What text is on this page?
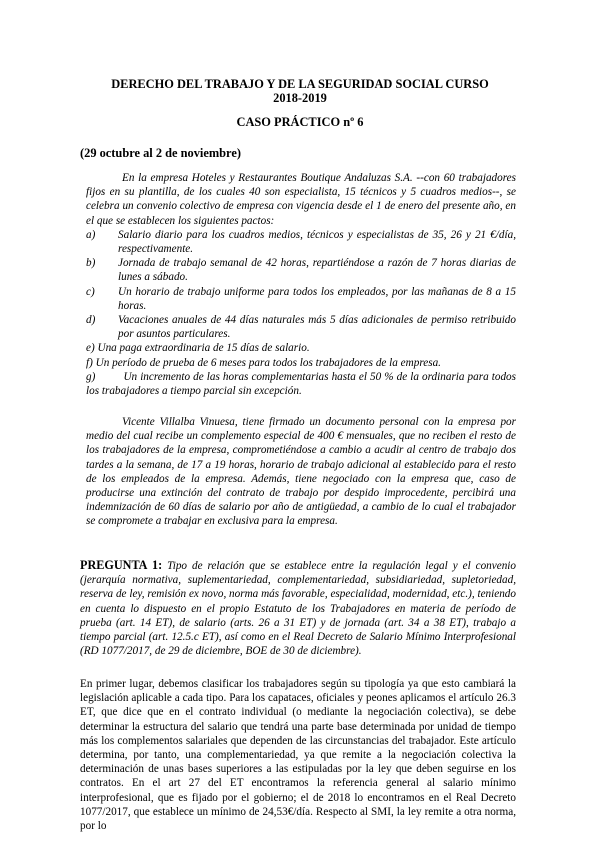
DERECHO DEL TRABAJO Y DE LA SEGURIDAD SOCIAL CURSO
2018-2019
CASO PRÁCTICO nº 6
(29 octubre al 2 de noviembre)
En la empresa Hoteles y Restaurantes Boutique Andaluzas S.A. --con 60 trabajadores fijos en su plantilla, de los cuales 40 son especialista, 15 técnicos y 5 cuadros medios--, se celebra un convenio colectivo de empresa con vigencia desde el 1 de enero del presente año, en el que se establecen los siguientes pactos:
a)	Salario diario para los cuadros medios, técnicos y especialistas de 35, 26 y 21 €/día, respectivamente.
b)	Jornada de trabajo semanal de 42 horas, repartiéndose a razón de 7 horas diarias de lunes a sábado.
c)	Un horario de trabajo uniforme para todos los empleados, por las mañanas de 8 a 15 horas.
d)	Vacaciones anuales de 44 días naturales más 5 días adicionales de permiso retribuido por asuntos particulares.
e) Una paga extraordinaria de 15 días de salario.
f) Un período de prueba de 6 meses para todos los trabajadores de la empresa.
g)	Un incremento de las horas complementarias hasta el 50 % de la ordinaria para todos los trabajadores a tiempo parcial sin excepción.
Vicente Villalba Vinuesa, tiene firmado un documento personal con la empresa por medio del cual recibe un complemento especial de 400 € mensuales, que no reciben el resto de los trabajadores de la empresa, comprometiéndose a cambio a acudir al centro de trabajo dos tardes a la semana, de 17 a 19 horas, horario de trabajo adicional al establecido para el resto de los empleados de la empresa. Además, tiene negociado con la empresa que, caso de producirse una extinción del contrato de trabajo por despido improcedente, percibirá una indemnización de 60 días de salario por año de antigüedad, a cambio de lo cual el trabajador se compromete a trabajar en exclusiva para la empresa.
PREGUNTA 1: Tipo de relación que se establece entre la regulación legal y el convenio (jerarquía normativa, suplementariedad, complementariedad, subsidiariedad, supletoriedad, reserva de ley, remisión ex novo, norma más favorable, especialidad, modernidad, etc.), teniendo en cuenta lo dispuesto en el propio Estatuto de los Trabajadores en materia de período de prueba (art. 14 ET), de salario (arts. 26 a 31 ET) y de jornada (art. 34 a 38 ET), trabajo a tiempo parcial (art. 12.5.c ET), así como en el Real Decreto de Salario Mínimo Interprofesional (RD 1077/2017, de 29 de diciembre, BOE de 30 de diciembre).
En primer lugar, debemos clasificar los trabajadores según su tipología ya que esto cambiará la legislación aplicable a cada tipo. Para los capataces, oficiales y peones aplicamos el artículo 26.3 ET, que dice que en el contrato individual (o mediante la negociación colectiva), se debe determinar la estructura del salario que tendrá una parte base determinada por unidad de tiempo más los complementos salariales que dependen de las circunstancias del trabajador. Este artículo determina, por tanto, una complementariedad, ya que remite a la negociación colectiva la determinación de unas bases superiores a las estipuladas por la ley que deben seguirse en los contratos. En el art 27 del ET encontramos la referencia general al salario mínimo interprofesional, que es fijado por el gobierno; el de 2018 lo encontramos en el Real Decreto 1077/2017, que establece un mínimo de 24,53€/día. Respecto al SMI, la ley remite a otra norma, por lo
